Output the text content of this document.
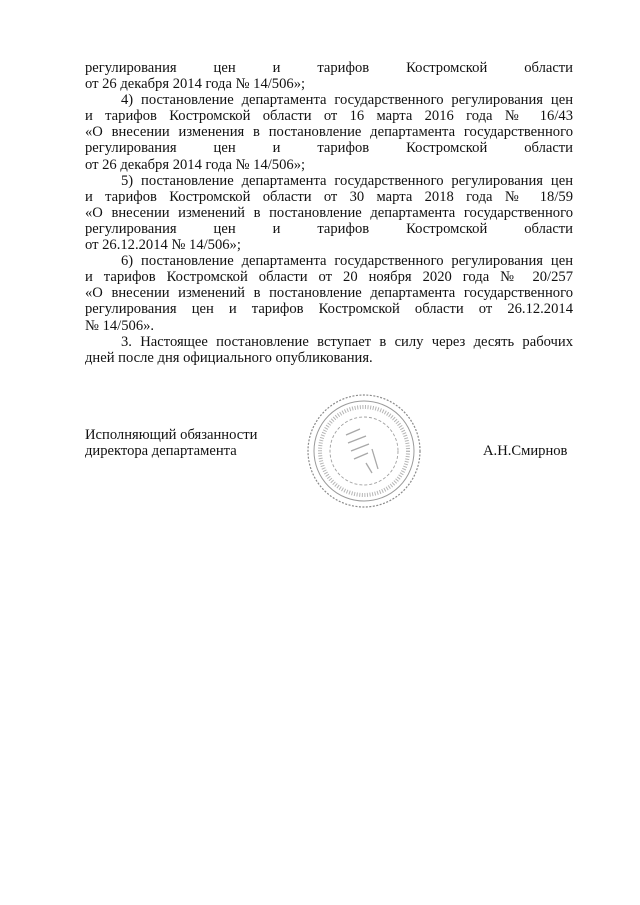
регулирования цен и тарифов Костромской области
от 26 декабря 2014 года № 14/506»;
4) постановление департамента государственного регулирования цен
и тарифов Костромской области от 16 марта 2016 года № 16/43
«О внесении изменения в постановление департамента государственного
регулирования цен и тарифов Костромской области
от 26 декабря 2014 года № 14/506»;
5) постановление департамента государственного регулирования цен
и тарифов Костромской области от 30 марта 2018 года № 18/59
«О внесении изменений в постановление департамента государственного
регулирования цен и тарифов Костромской области
от 26.12.2014 № 14/506»;
6) постановление департамента государственного регулирования цен
и тарифов Костромской области от 20 ноября 2020 года № 20/257
«О внесении изменений в постановление департамента государственного
регулирования цен и тарифов Костромской области от 26.12.2014
№ 14/506».
3. Настоящее постановление вступает в силу через десять рабочих
дней после дня официального опубликования.
Исполняющий обязанности
директора департамента	А.Н.Смирнов
